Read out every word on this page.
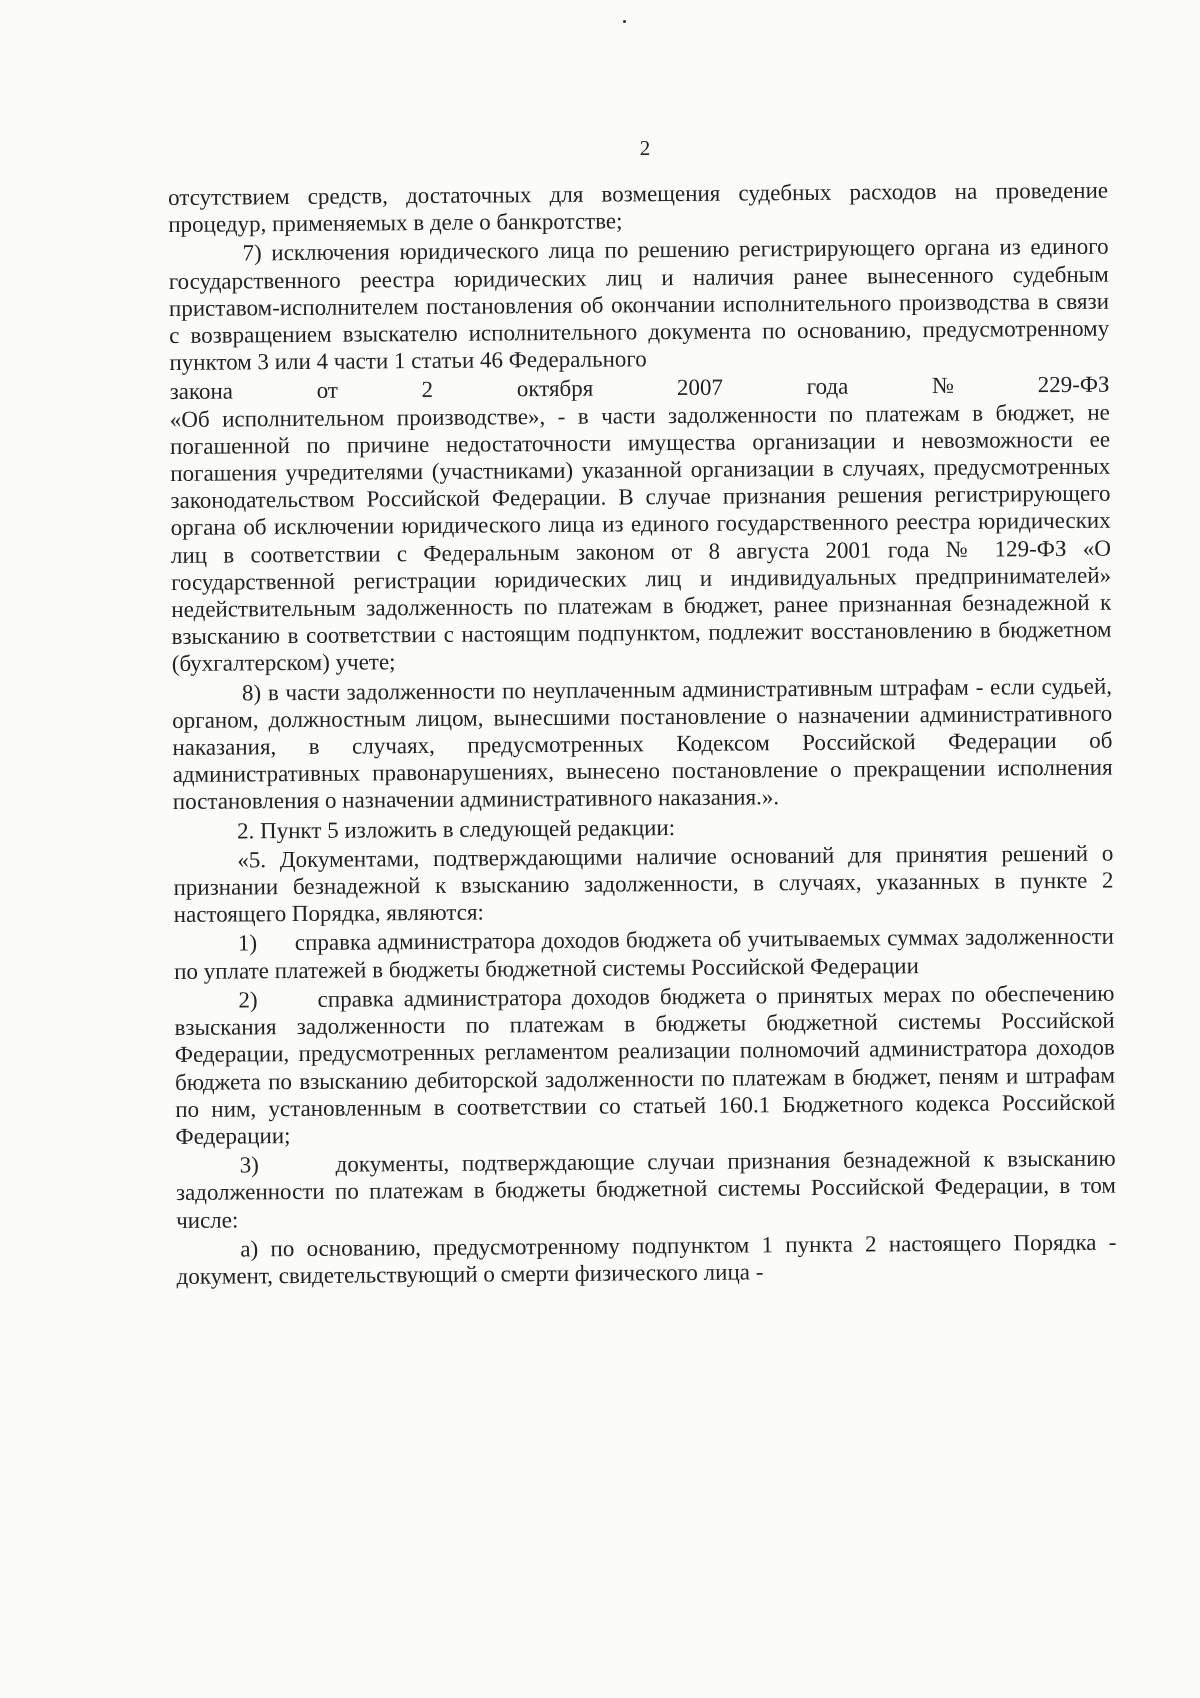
2

отсутствием средств, достаточных для возмещения судебных расходов на проведение процедур, применяемых в деле о банкротстве;

7) исключения юридического лица по решению регистрирующего органа из единого государственного реестра юридических лиц и наличия ранее вынесенного судебным приставом-исполнителем постановления об окончании исполнительного производства в связи с возвращением взыскателю исполнительного документа по основанию, предусмотренному пунктом 3 или 4 части 1 статьи 46 Федерального

закона	от	2	октября	2007	года	№	229-ФЗ

«Об исполнительном производстве», - в части задолженности по платежам в бюджет, не погашенной по причине недостаточности имущества организации и невозможности ее погашения учредителями (участниками) указанной организации в случаях, предусмотренных законодательством Российской Федерации. В случае признания решения регистрирующего органа об исключении юридического лица из единого государственного реестра юридических лиц в соответствии с Федеральным законом от 8 августа 2001 года № 129-ФЗ «О государственной регистрации юридических лиц и индивидуальных предпринимателей» недействительным задолженность по платежам в бюджет, ранее признанная безнадежной к взысканию в соответствии с настоящим подпунктом, подлежит восстановлению в бюджетном (бухгалтерском) учете;

8) в части задолженности по неуплаченным административным штрафам - если судьей, органом, должностным лицом, вынесшими постановление о назначении административного наказания, в случаях, предусмотренных Кодексом Российской Федерации об административных правонарушениях, вынесено постановление о прекращении исполнения постановления о назначении административного наказания.».

2. Пункт 5 изложить в следующей редакции:

«5. Документами, подтверждающими наличие оснований для принятия решений о признании безнадежной к взысканию задолженности, в случаях, указанных в пункте 2 настоящего Порядка, являются:

1) справка администратора доходов бюджета об учитываемых суммах задолженности по уплате платежей в бюджеты бюджетной системы Российской Федерации

2)	справка администратора доходов бюджета о принятых мерах по обеспечению взыскания задолженности по платежам в бюджеты бюджетной системы Российской Федерации, предусмотренных регламентом реализации полномочий администратора доходов бюджета по взысканию дебиторской задолженности по платежам в бюджет, пеням и штрафам по ним, установленным в соответствии со статьей 160.1 Бюджетного кодекса Российской Федерации;

3)	документы, подтверждающие случаи признания безнадежной к взысканию задолженности по платежам в бюджеты бюджетной системы Российской Федерации, в том числе:

а) по основанию, предусмотренному подпунктом 1 пункта 2 настоящего Порядка - документ, свидетельствующий о смерти физического лица -
